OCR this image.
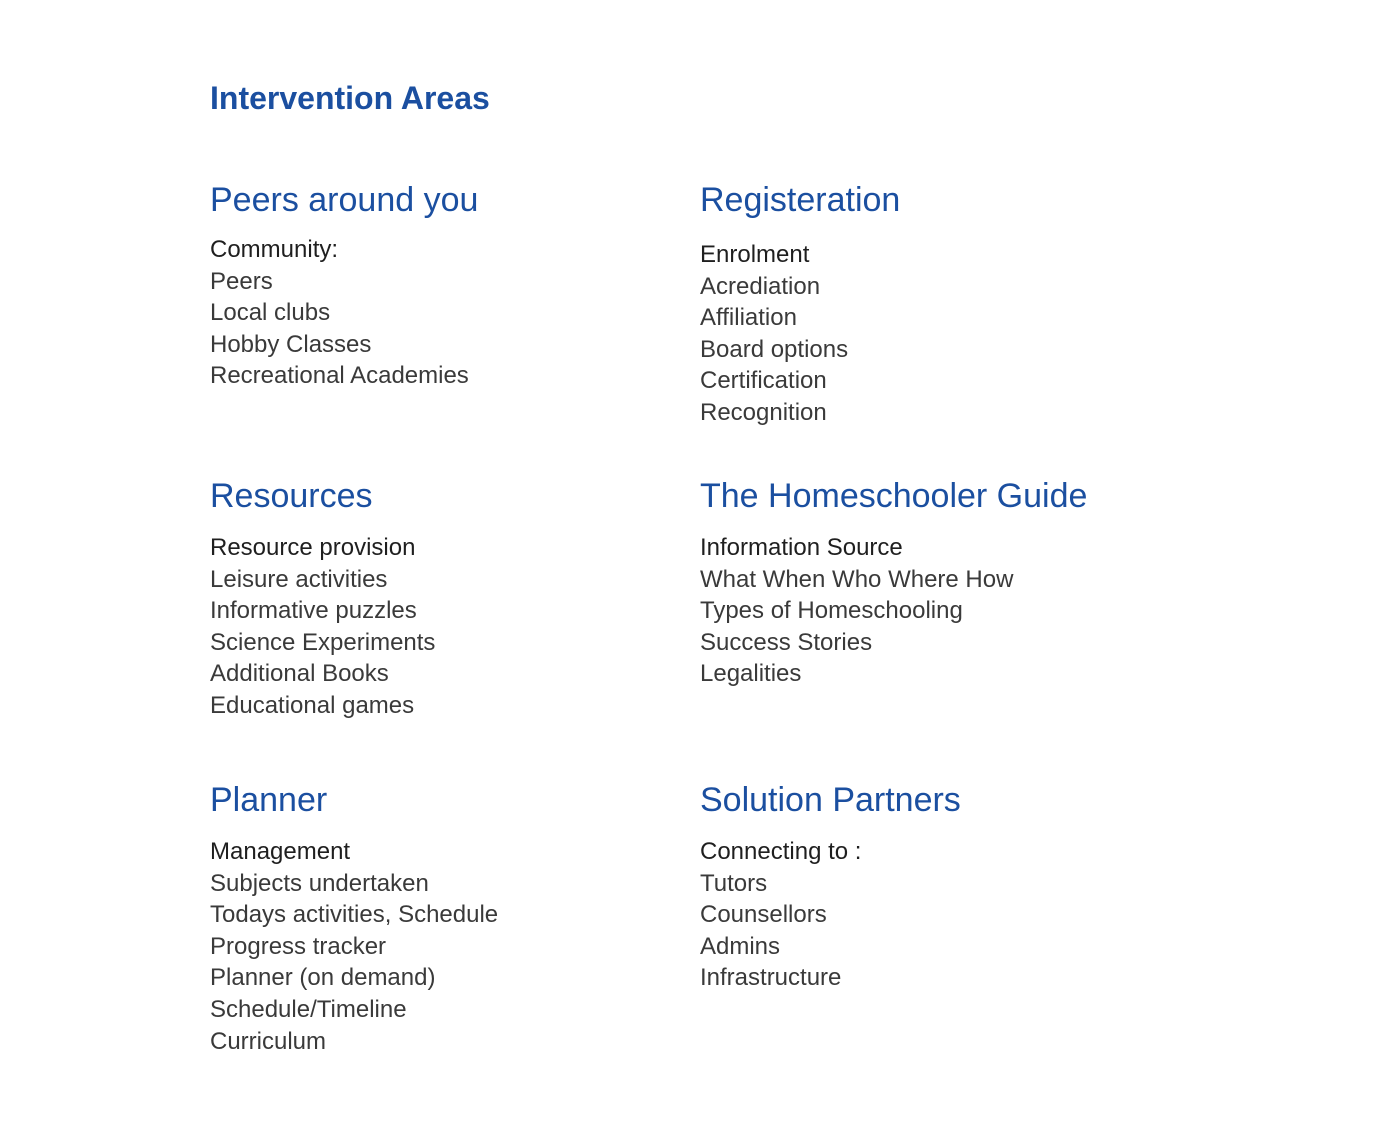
Intervention Areas
Peers around you
Community:
Peers
Local clubs
Hobby Classes
Recreational Academies
Registeration
Enrolment
Acrediation
Affiliation
Board options
Certification
Recognition
Resources
Resource provision
Leisure activities
Informative puzzles
Science Experiments
Additional Books
Educational games
The Homeschooler Guide
Information Source
What When Who Where How
Types of Homeschooling
Success Stories
Legalities
Planner
Management
Subjects undertaken
Todays activities, Schedule
Progress tracker
Planner (on demand)
Schedule/Timeline
Curriculum
Solution Partners
Connecting to :
Tutors
Counsellors
Admins
Infrastructure
